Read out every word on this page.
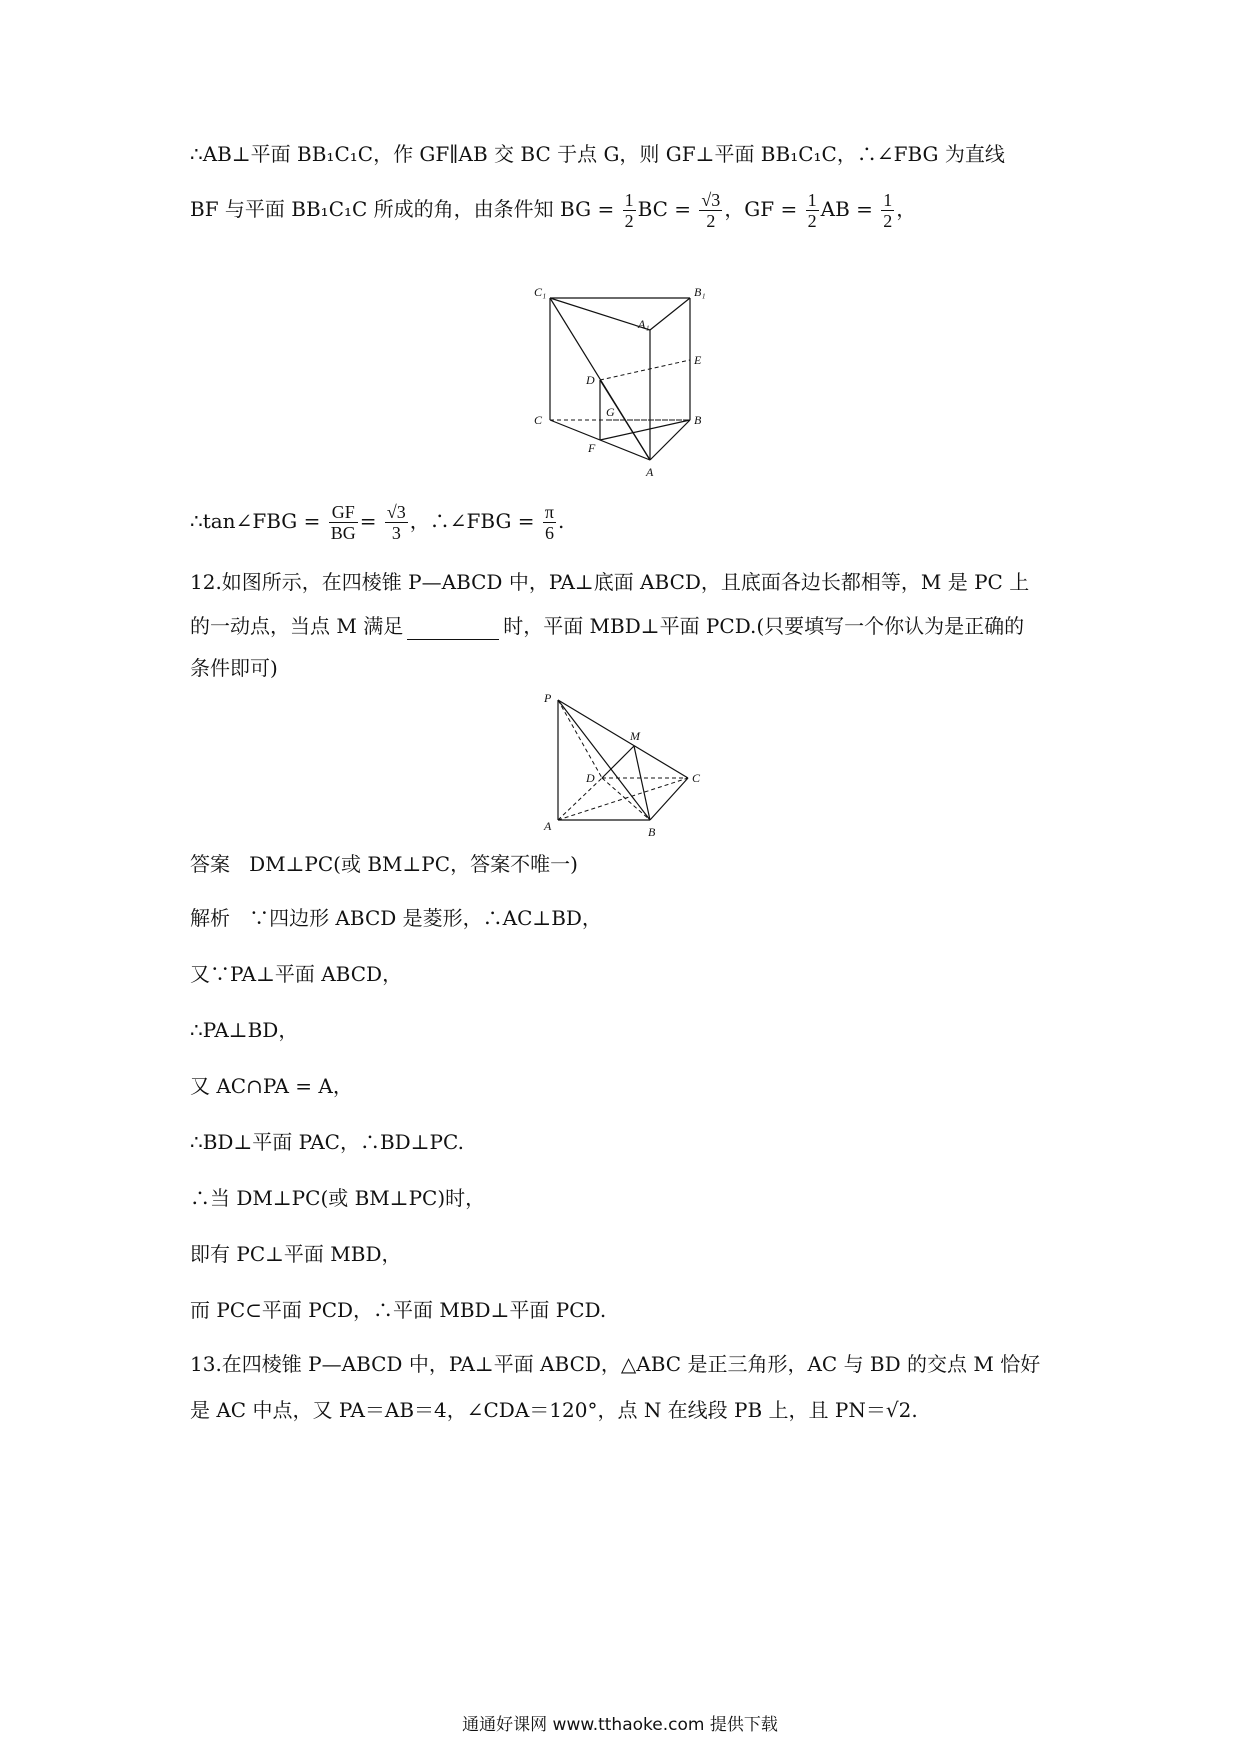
∴AB⊥平面 BB₁C₁C，作 GF∥AB 交 BC 于点 G，则 GF⊥平面 BB₁C₁C，∴∠FBG 为直线
BF 与平面 BB₁C₁C 所成的角，由条件知 BG = $\frac{1}{2}$ BC = $\frac{√3}{2}$ ，GF = $\frac{1}{2}$ AB = $\frac{1}{2}$ ，
C₁	B₁
A₁
E
D
C
G
B
F
A
∴tan∠FBG = $\frac{GF}{BG} = \frac{√3}{3}$ ，∴∠FBG = $\frac{\pi}{6}$ .
12.如图所示，在四棱锥 P—ABCD 中，PA⊥底面 ABCD，且底面各边长都相等，M 是 PC 上
的一动点，当点 M 满足	时，平面 MBD⊥平面 PCD.(只要填写一个你认为是正确的
条件即可)
P
M
D	C
A	B
答案 DM⊥PC(或 BM⊥PC，答案不唯一)
解析 ∵四边形 ABCD 是菱形，∴AC⊥BD，
又∵PA⊥平面 ABCD，
∴PA⊥BD，
又 AC∩PA = A，
∴BD⊥平面 PAC，∴BD⊥PC.
∴当 DM⊥PC(或 BM⊥PC)时，
即有 PC⊥平面 MBD，
而 PC⊂平面 PCD，∴平面 MBD⊥平面 PCD.
13.在四棱锥 P—ABCD 中，PA⊥平面 ABCD，△ABC 是正三角形，AC 与 BD 的交点 M 恰好
是 AC 中点，又 PA＝AB＝4，∠CDA＝120°，点 N 在线段 PB 上，且 PN＝√2.
通通好课网 www.tthaoke.com 提供下载
